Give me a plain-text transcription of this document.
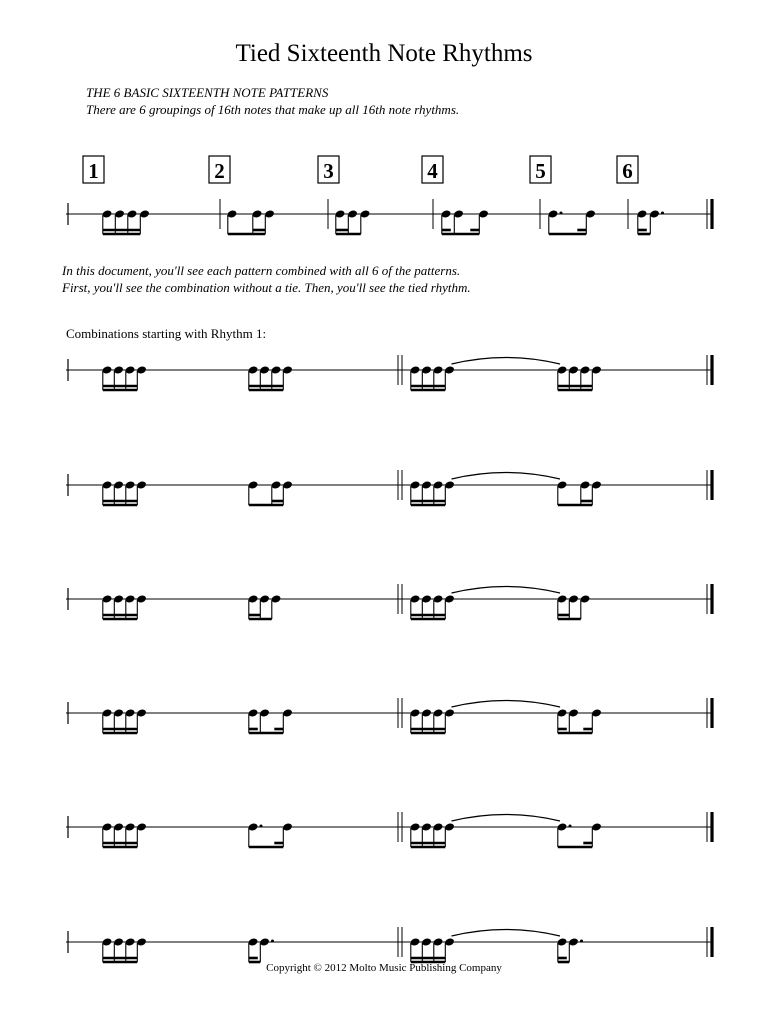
Tied Sixteenth Note Rhythms
THE 6 BASIC SIXTEENTH NOTE PATTERNS
There are 6 groupings of 16th notes that make up all 16th note rhythms.
In this document, you'll see each pattern combined with all 6 of the patterns.
First, you'll see the combination without a tie. Then, you'll see the tied rhythm.
Combinations starting with Rhythm 1:
Copyright © 2012 Molto Music Publishing Company
1	2	3	4	5	6
